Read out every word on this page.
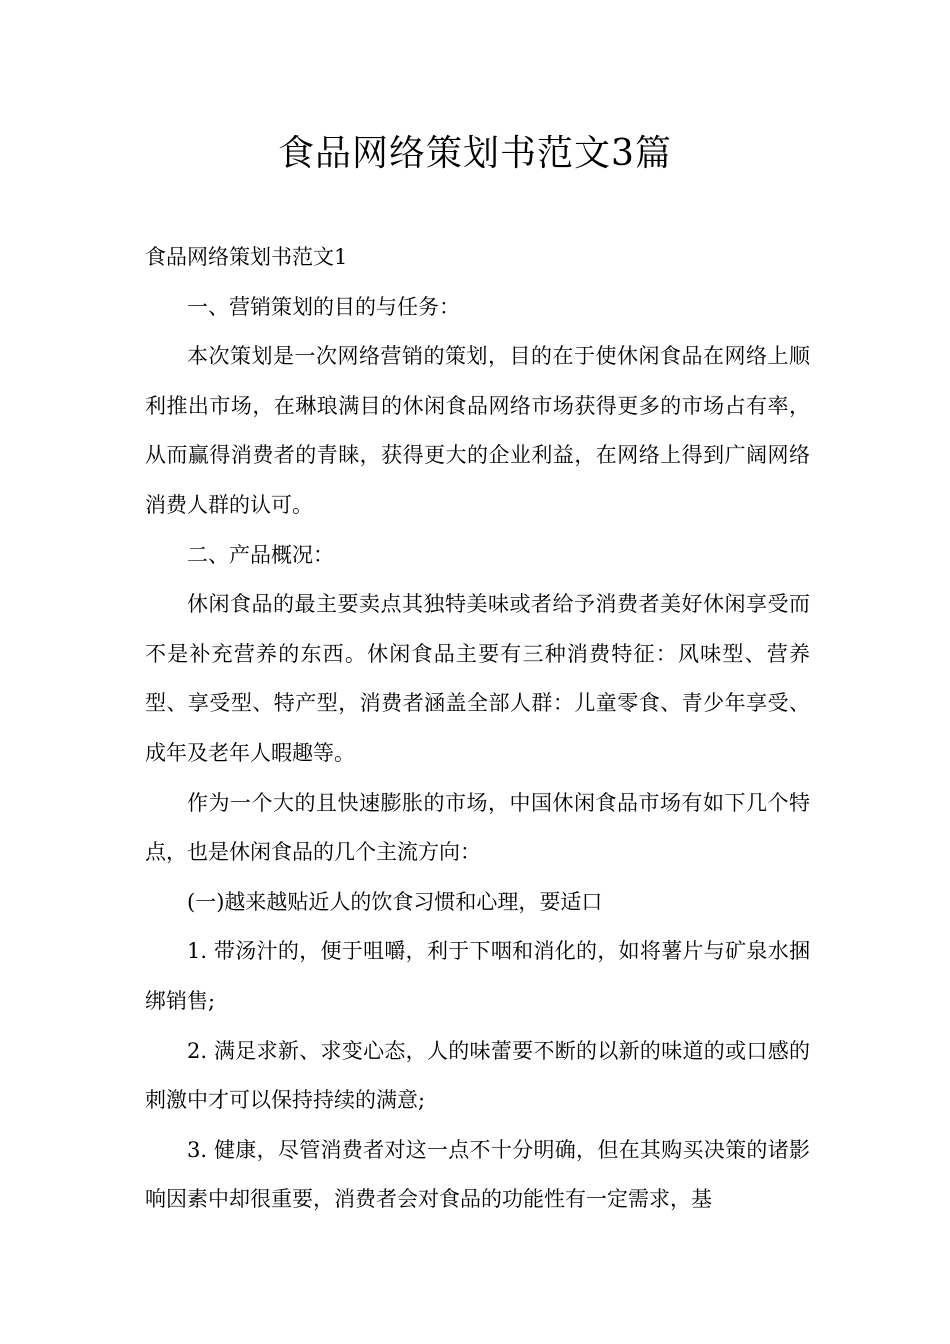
食品网络策划书范文3篇

食品网络策划书范文1

一、营销策划的目的与任务：

本次策划是一次网络营销的策划，目的在于使休闲食品在网络上顺利推出市场，在琳琅满目的休闲食品网络市场获得更多的市场占有率，从而赢得消费者的青睐，获得更大的企业利益，在网络上得到广阔网络消费人群的认可。

二、产品概况：

休闲食品的最主要卖点其独特美味或者给予消费者美好休闲享受而不是补充营养的东西。休闲食品主要有三种消费特征：风味型、营养型、享受型、特产型，消费者涵盖全部人群：儿童零食、青少年享受、成年及老年人暇趣等。

作为一个大的且快速膨胀的市场，中国休闲食品市场有如下几个特点，也是休闲食品的几个主流方向：

(一)越来越贴近人的饮食习惯和心理，要适口

1. 带汤汁的，便于咀嚼，利于下咽和消化的，如将薯片与矿泉水捆绑销售;

2. 满足求新、求变心态，人的味蕾要不断的以新的味道的或口感的刺激中才可以保持持续的满意;

3. 健康，尽管消费者对这一点不十分明确，但在其购买决策的诸影响因素中却很重要，消费者会对食品的功能性有一定需求，基
